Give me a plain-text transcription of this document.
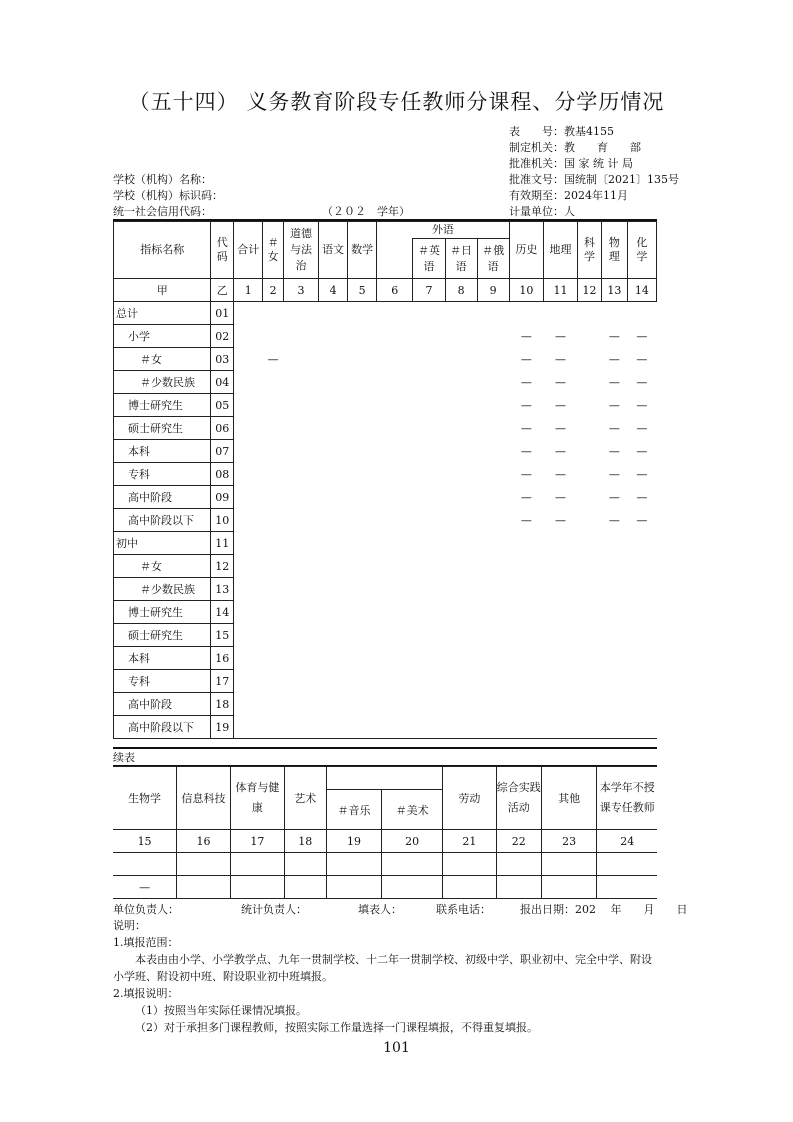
（五十四） 义务教育阶段专任教师分课程、分学历情况
表　　号：教基4155
制定机关：教　　育　　部
批准机关：国 家 统 计 局
批准文号：国统制〔2021〕135号
有效期至：2024年11月
计量单位：人
学校（机构）名称：
学校（机构）标识码：
统一社会信用代码：	（２０２　学年）
指标名称	代码	合计	＃女	道德与法治	语文	数学	外语				历史	地理	科学	物理	化学
								＃英语	＃日语	＃俄语					
甲	乙	1	2	3	4	5	6	7	8	9	10	11	12	13	14
总计	01														
小学	02										—	—		—	—
＃女	03		—								—	—		—	—
＃少数民族	04										—	—		—	—
博士研究生	05										—	—		—	—
硕士研究生	06										—	—		—	—
本科	07										—	—		—	—
专科	08										—	—		—	—
高中阶段	09										—	—		—	—
高中阶段以下	10										—	—		—	—
初中	11														
＃女	12														
＃少数民族	13														
博士研究生	14														
硕士研究生	15														
本科	16														
专科	17														
高中阶段	18														
高中阶段以下	19														
续表
生物学	信息科技	体育与健康	艺术			劳动	综合实践活动	其他	本学年不授课专任教师
				＃音乐	＃美术				
15	16	17	18	19	20	21	22	23	24

—									
单位负责人：	统计负责人：	填表人：	联系电话：	报出日期：202　 年　　月　　日
说明：
1.填报范围：
本表由由小学、小学教学点、九年一贯制学校、十二年一贯制学校、初级中学、职业初中、完全中学、附设小学班、附设初中班、附设职业初中班填报。
2.填报说明：
（1）按照当年实际任课情况填报。
（2）对于承担多门课程教师，按照实际工作量选择一门课程填报，不得重复填报。
101
